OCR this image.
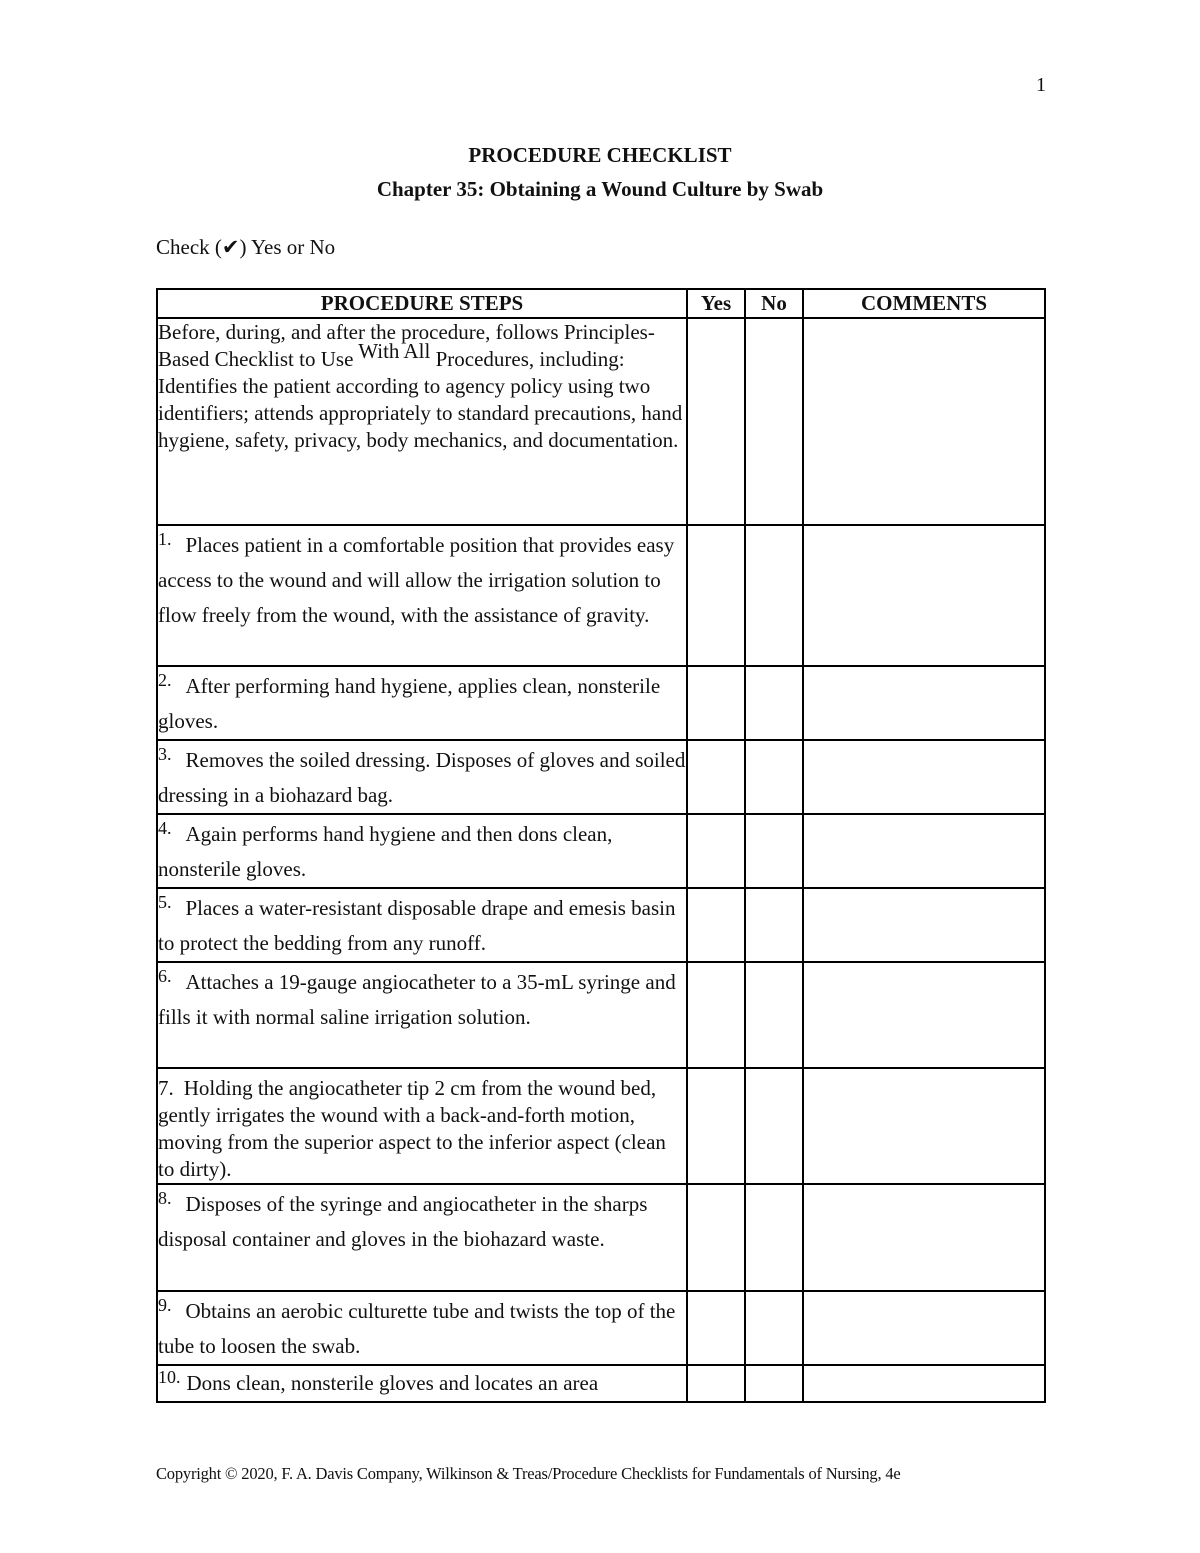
1
PROCEDURE CHECKLIST
Chapter 35: Obtaining a Wound Culture by Swab
Check (✔) Yes or No
PROCEDURE STEPS	Yes	No	COMMENTS
Before, during, and after the procedure, follows Principles-Based Checklist to Use With All Procedures, including: Identifies the patient according to agency policy using two identifiers; attends appropriately to standard precautions, hand hygiene, safety, privacy, body mechanics, and documentation.			
1. Places patient in a comfortable position that provides easy access to the wound and will allow the irrigation solution to flow freely from the wound, with the assistance of gravity.			
2. After performing hand hygiene, applies clean, nonsterile gloves.			
3. Removes the soiled dressing. Disposes of gloves and soiled dressing in a biohazard bag.			
4. Again performs hand hygiene and then dons clean, nonsterile gloves.			
5. Places a water-resistant disposable drape and emesis basin to protect the bedding from any runoff.			
6. Attaches a 19-gauge angiocatheter to a 35-mL syringe and fills it with normal saline irrigation solution.			
7. Holding the angiocatheter tip 2 cm from the wound bed, gently irrigates the wound with a back-and-forth motion, moving from the superior aspect to the inferior aspect (clean to dirty).			
8. Disposes of the syringe and angiocatheter in the sharps disposal container and gloves in the biohazard waste.			
9. Obtains an aerobic culturette tube and twists the top of the tube to loosen the swab.			
10. Dons clean, nonsterile gloves and locates an area			
Copyright © 2020, F. A. Davis Company, Wilkinson & Treas/Procedure Checklists for Fundamentals of Nursing, 4e
